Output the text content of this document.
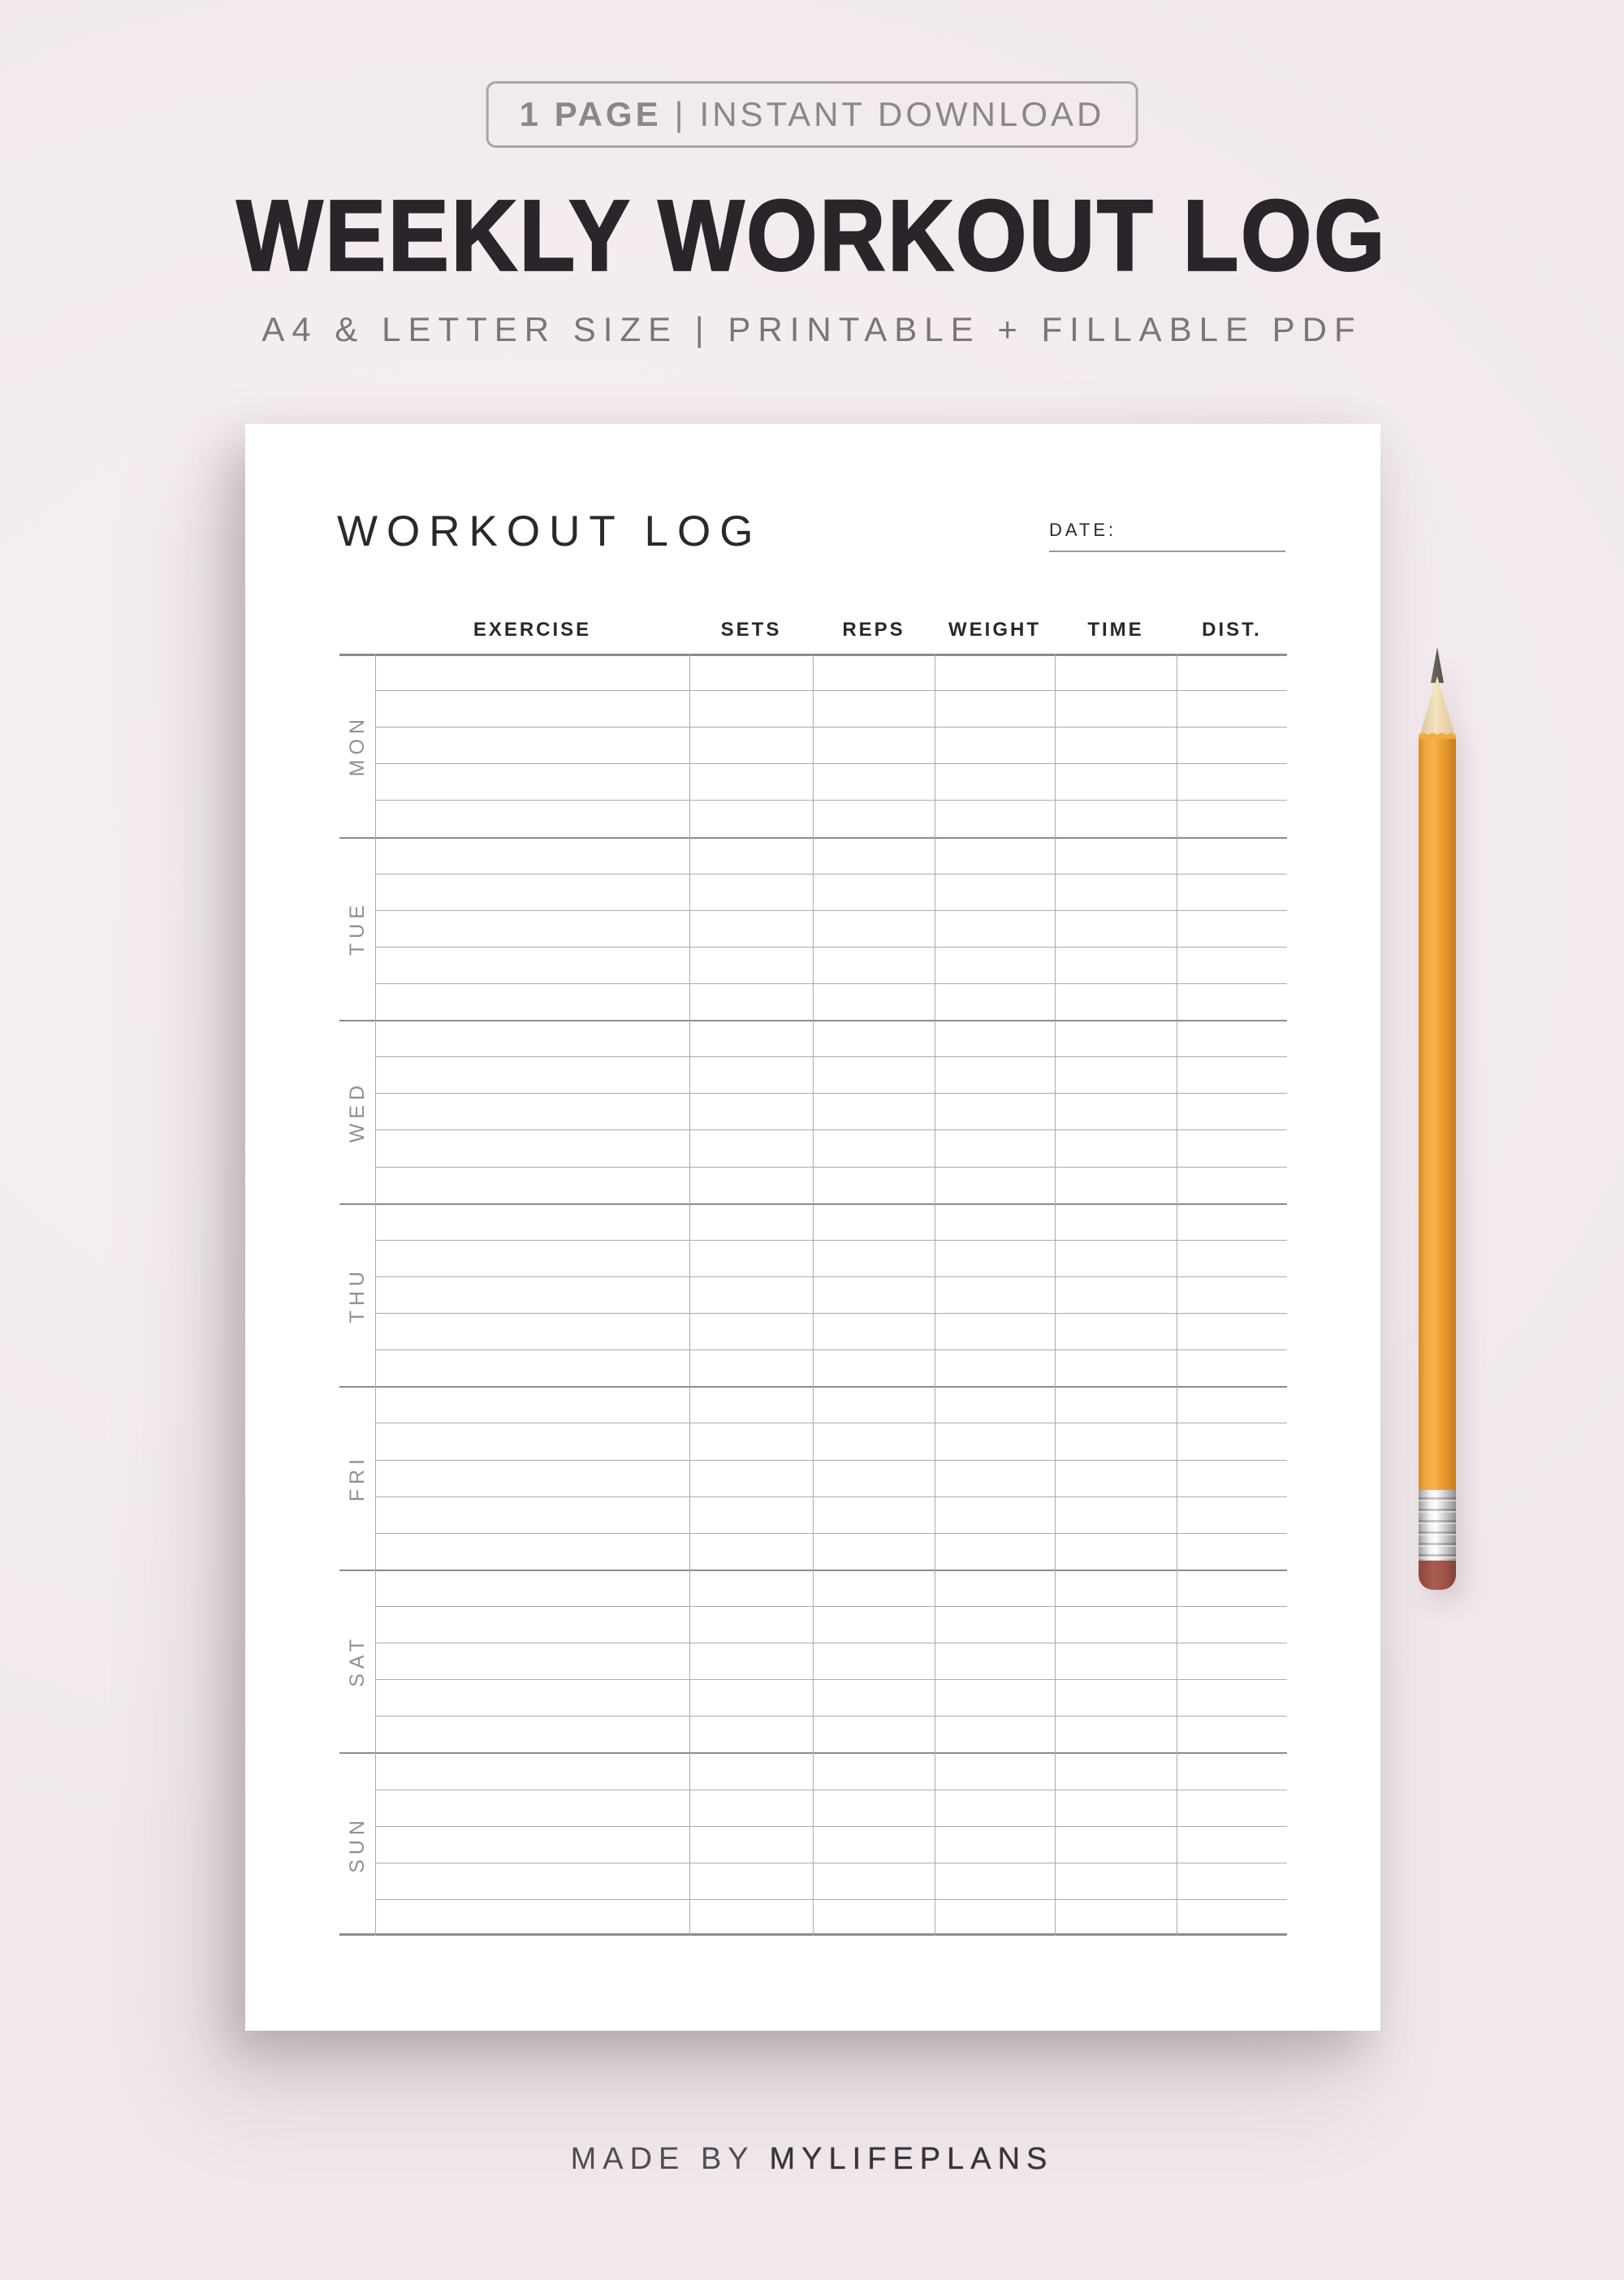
1 PAGE | INSTANT DOWNLOAD
WEEKLY WORKOUT LOG
A4 & LETTER SIZE | PRINTABLE + FILLABLE PDF
WORKOUT LOG	DATE:
EXERCISE	SETS	REPS	WEIGHT	TIME	DIST.
MON
TUE
WED
THU
FRI
SAT
SUN
MADE BY MYLIFEPLANS
